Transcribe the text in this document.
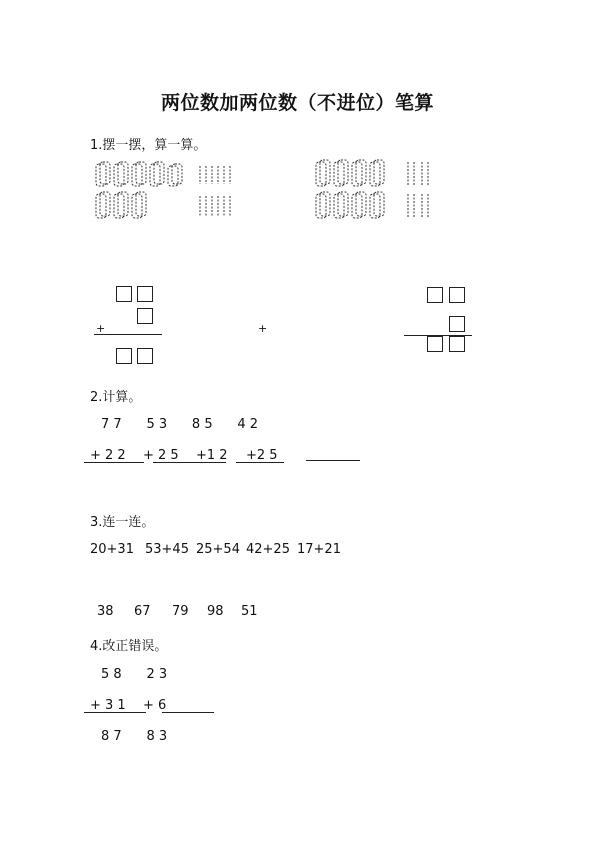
两位数加两位数（不进位）笔算
1.摆一摆，算一算。
+	+
2.计算。
7 7      5 3      8 5      4 2
+ 2 2 + 2 5 +1 2 +2 5
3.连一连。
20+31 53+45 25+54 42+25 17+21
38 67 79 98 51
4.改正错误。
5 8      2 3
+ 3 1 + 6
8 7      8 3
